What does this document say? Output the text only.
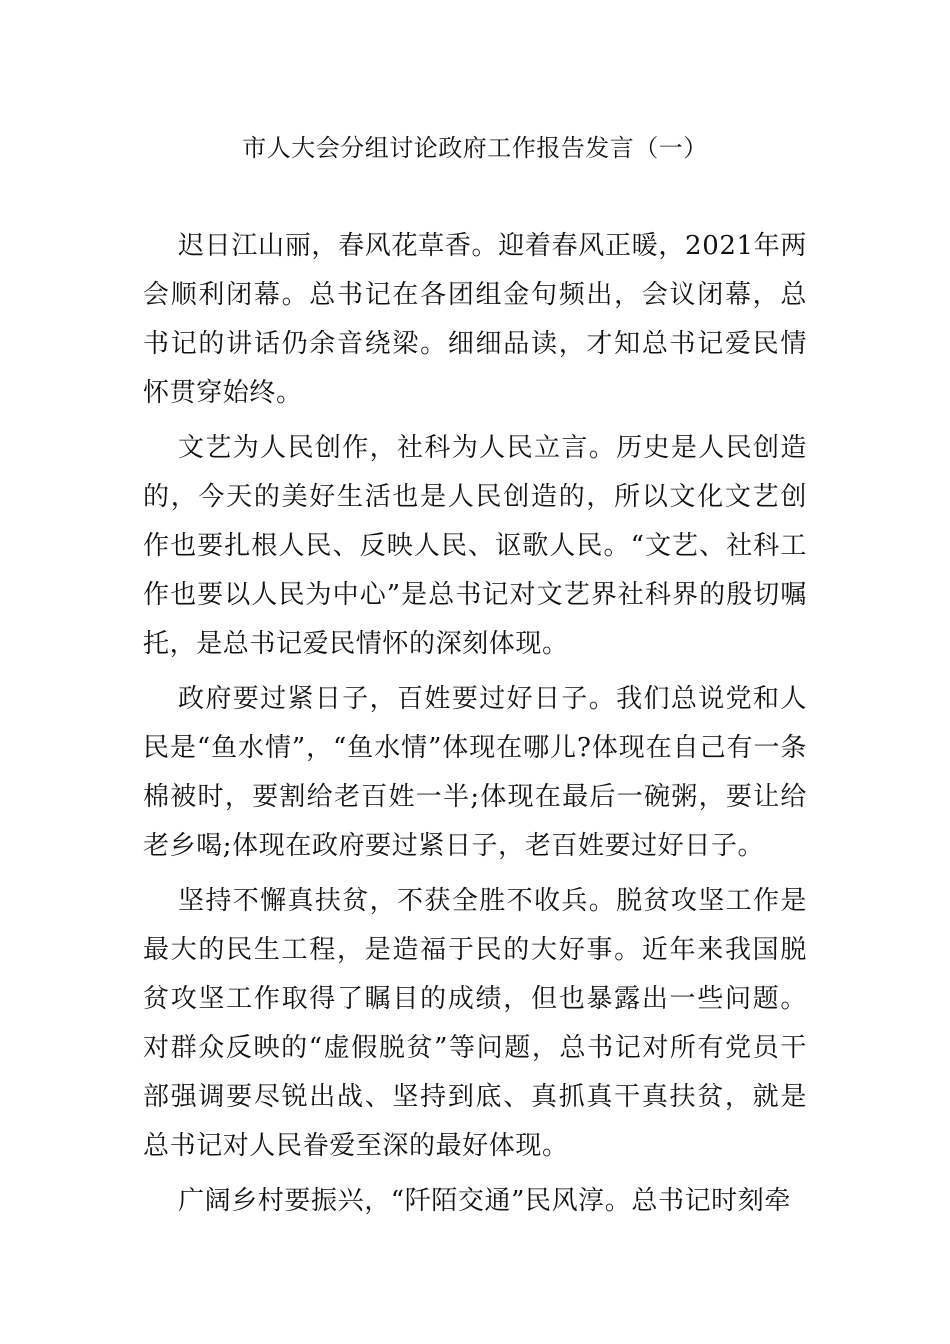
市人大会分组讨论政府工作报告发言（一）

迟日江山丽，春风花草香。迎着春风正暖，2021年两会顺利闭幕。总书记在各团组金句频出，会议闭幕，总书记的讲话仍余音绕梁。细细品读，才知总书记爱民情怀贯穿始终。

文艺为人民创作，社科为人民立言。历史是人民创造的，今天的美好生活也是人民创造的，所以文化文艺创作也要扎根人民、反映人民、讴歌人民。“文艺、社科工作也要以人民为中心”是总书记对文艺界社科界的殷切嘱托，是总书记爱民情怀的深刻体现。

政府要过紧日子，百姓要过好日子。我们总说党和人民是“鱼水情”，“鱼水情”体现在哪儿?体现在自己有一条棉被时，要割给老百姓一半;体现在最后一碗粥，要让给老乡喝;体现在政府要过紧日子，老百姓要过好日子。

坚持不懈真扶贫，不获全胜不收兵。脱贫攻坚工作是最大的民生工程，是造福于民的大好事。近年来我国脱贫攻坚工作取得了瞩目的成绩，但也暴露出一些问题。对群众反映的“虚假脱贫”等问题，总书记对所有党员干部强调要尽锐出战、坚持到底、真抓真干真扶贫，就是总书记对人民眷爱至深的最好体现。

广阔乡村要振兴，“阡陌交通”民风淳。总书记时刻牵
